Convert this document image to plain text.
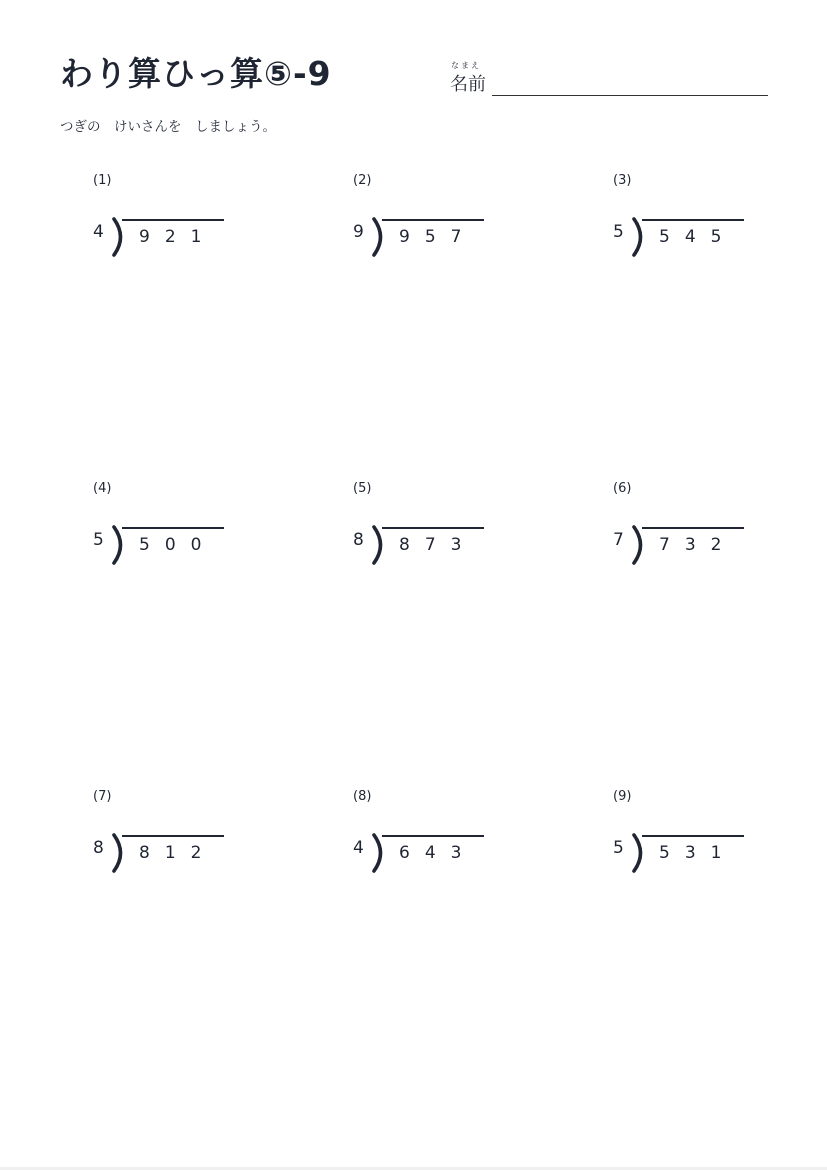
わり算ひっ算⑤-9	なまえ
名前
つぎの　けいさんを　しましょう。
(1)
4 921
(2)
9 957
(3)
5 545
(4)
5 500
(5)
8 873
(6)
7 732
(7)
8 812
(8)
4 643
(9)
5 531
